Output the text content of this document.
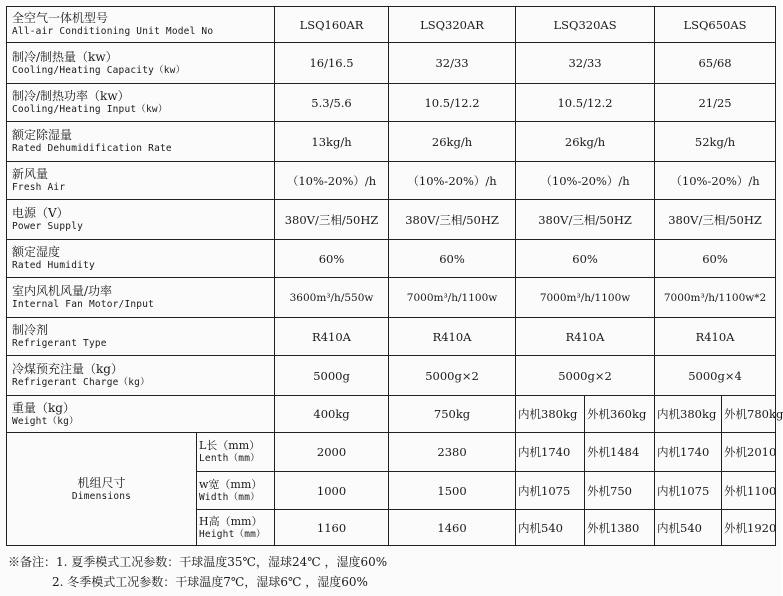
全空气一体机型号
All-air Conditioning Unit Model No		LSQ160AR	LSQ320AR	LSQ320AS		LSQ650AS	

制冷/制热量（kw）
Cooling/Heating Capacity（kw）		16/16.5	32/33	32/33		65/68	

制冷/制热功率（kw）
Cooling/Heating Input（kw）		5.3/5.6	10.5/12.2	10.5/12.2		21/25	

额定除湿量
Rated Dehumidification Rate		13kg/h	26kg/h	26kg/h		52kg/h	

新风量
Fresh Air		（10%-20%）/h	（10%-20%）/h	（10%-20%）/h		（10%-20%）/h	

电源（V）
Power Supply		380V/三相/50HZ	380V/三相/50HZ	380V/三相/50HZ		380V/三相/50HZ	

额定湿度
Rated Humidity		60%	60%	60%		60%	

室内风机风量/功率
Internal Fan Motor/Input		3600m³/h/550w	7000m³/h/1100w	7000m³/h/1100w		7000m³/h/1100w*2	

制冷剂
Refrigerant Type		R410A	R410A	R410A		R410A	

冷煤预充注量（kg）
Refrigerant Charge（kg）		5000g	5000g×2	5000g×2		5000g×4	

重量（kg）
Weight（kg）		400kg	750kg	内机380kg	外机360kg	内机380kg	外机780kg

机组尺寸
Dimensions	L长（mm）
Lenth（mm）	2000	2380	内机1740	外机1484	内机1740	外机2010

	w宽（mm）
Width（mm）	1000	1500	内机1075	外机750	内机1075	外机1100

	H高（mm）
Height（mm）	1160	1460	内机540	外机1380	内机540	外机1920
※备注：1. 夏季模式工况参数：干球温度35℃，湿球24℃ ，湿度60%
2. 冬季模式工况参数：干球温度7℃，湿球6℃ ，湿度60%
